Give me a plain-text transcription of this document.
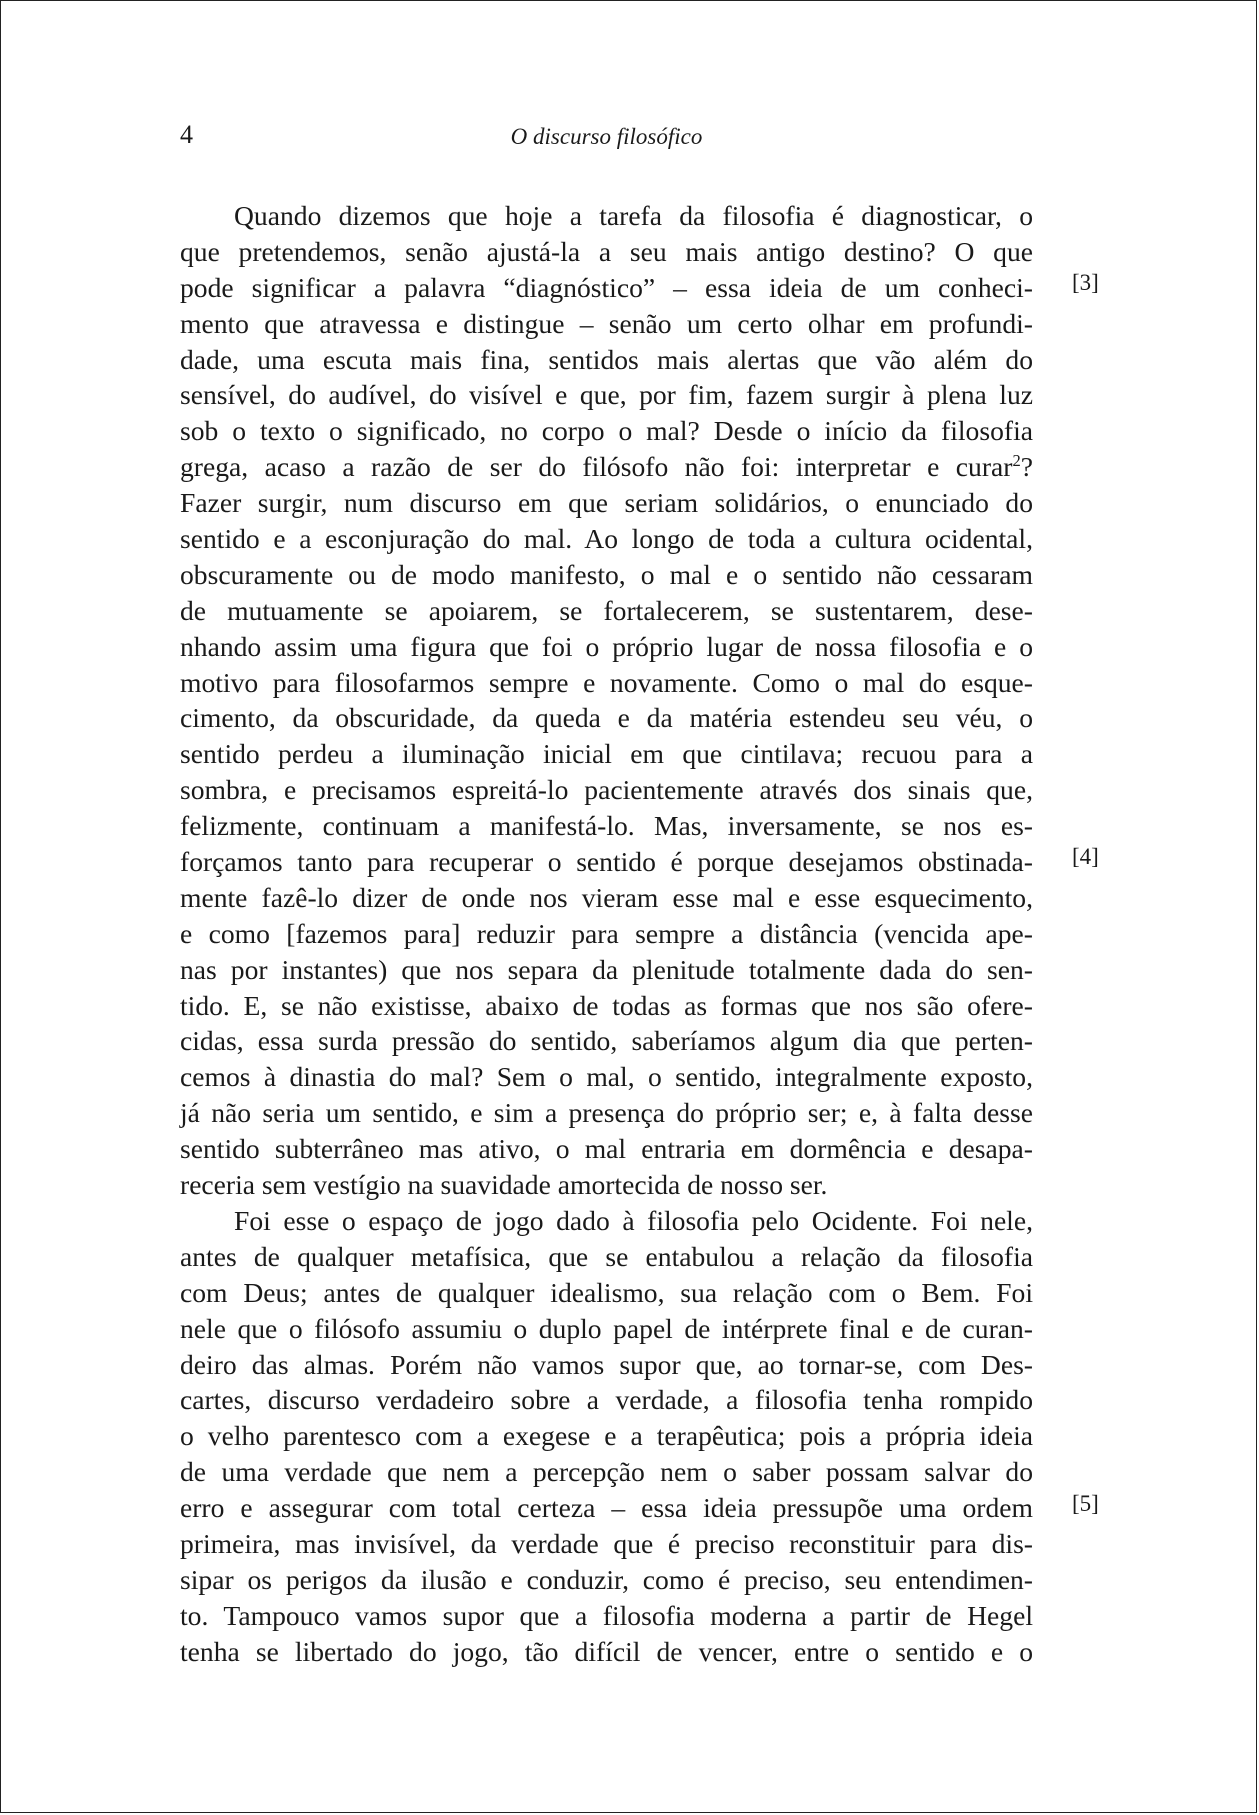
4	O discurso filosófico
[3]
[4]
[5]
Quando dizemos que hoje a tarefa da filosofia é diagnosticar, o
que pretendemos, senão ajustá-la a seu mais antigo destino? O que
pode significar a palavra “diagnóstico” – essa ideia de um conheci-
mento que atravessa e distingue – senão um certo olhar em profundi-
dade, uma escuta mais fina, sentidos mais alertas que vão além do
sensível, do audível, do visível e que, por fim, fazem surgir à plena luz
sob o texto o significado, no corpo o mal? Desde o início da filosofia
grega, acaso a razão de ser do filósofo não foi: interpretar e curar$^2$?
Fazer surgir, num discurso em que seriam solidários, o enunciado do
sentido e a esconjuração do mal. Ao longo de toda a cultura ocidental,
obscuramente ou de modo manifesto, o mal e o sentido não cessaram
de mutuamente se apoiarem, se fortalecerem, se sustentarem, dese-
nhando assim uma figura que foi o próprio lugar de nossa filosofia e o
motivo para filosofarmos sempre e novamente. Como o mal do esque-
cimento, da obscuridade, da queda e da matéria estendeu seu véu, o
sentido perdeu a iluminação inicial em que cintilava; recuou para a
sombra, e precisamos espreitá-lo pacientemente através dos sinais que,
felizmente, continuam a manifestá-lo. Mas, inversamente, se nos es-
forçamos tanto para recuperar o sentido é porque desejamos obstinada-
mente fazê-lo dizer de onde nos vieram esse mal e esse esquecimento,
e como [fazemos para] reduzir para sempre a distância (vencida ape-
nas por instantes) que nos separa da plenitude totalmente dada do sen-
tido. E, se não existisse, abaixo de todas as formas que nos são ofere-
cidas, essa surda pressão do sentido, saberíamos algum dia que perten-
cemos à dinastia do mal? Sem o mal, o sentido, integralmente exposto,
já não seria um sentido, e sim a presença do próprio ser; e, à falta desse
sentido subterrâneo mas ativo, o mal entraria em dormência e desapa-
receria sem vestígio na suavidade amortecida de nosso ser.
Foi esse o espaço de jogo dado à filosofia pelo Ocidente. Foi nele,
antes de qualquer metafísica, que se entabulou a relação da filosofia
com Deus; antes de qualquer idealismo, sua relação com o Bem. Foi
nele que o filósofo assumiu o duplo papel de intérprete final e de curan-
deiro das almas. Porém não vamos supor que, ao tornar-se, com Des-
cartes, discurso verdadeiro sobre a verdade, a filosofia tenha rompido
o velho parentesco com a exegese e a terapêutica; pois a própria ideia
de uma verdade que nem a percepção nem o saber possam salvar do
erro e assegurar com total certeza – essa ideia pressupõe uma ordem
primeira, mas invisível, da verdade que é preciso reconstituir para dis-
sipar os perigos da ilusão e conduzir, como é preciso, seu entendimen-
to. Tampouco vamos supor que a filosofia moderna a partir de Hegel
tenha se libertado do jogo, tão difícil de vencer, entre o sentido e o
